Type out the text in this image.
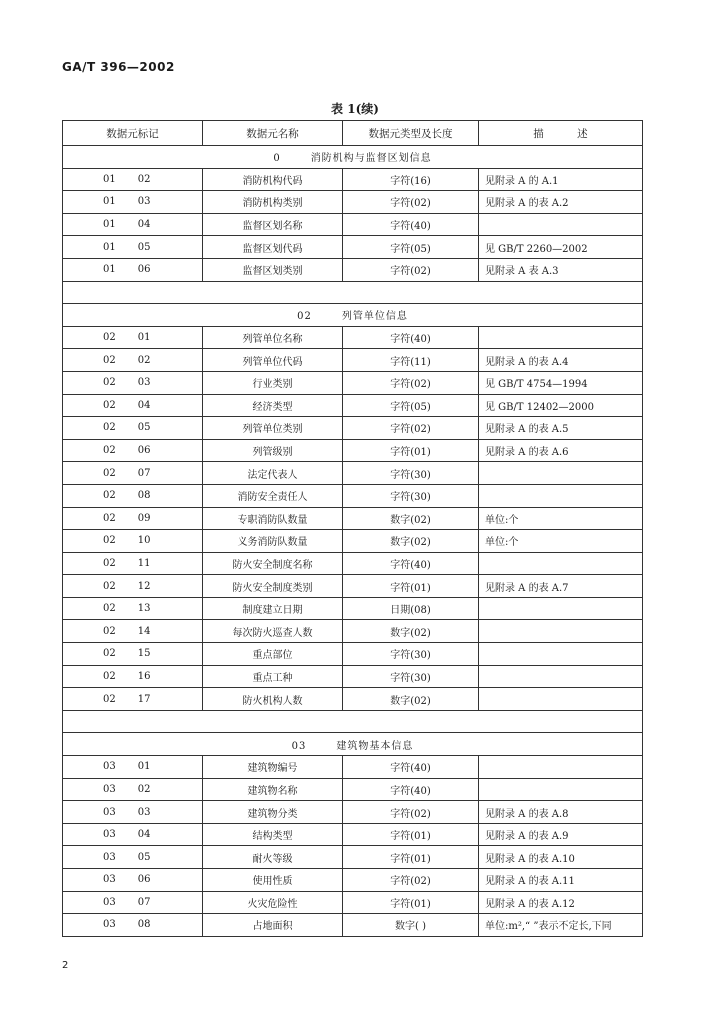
GA/T 396—2002
表 1(续)
数据元标记	数据元名称	数据元类型及长度	描          述
0 消防机构与监督区划信息			
01 02	消防机构代码	字符(16)	见附录 A 的 A.1
01 03	消防机构类别	字符(02)	见附录 A 的表 A.2
01 04	监督区划名称	字符(40)	
01 05	监督区划代码	字符(05)	见 GB/T 2260—2002
01 06	监督区划类别	字符(02)	见附录 A 表 A.3

02 列管单位信息			
02 01	列管单位名称	字符(40)	
02 02	列管单位代码	字符(11)	见附录 A 的表 A.4
02 03	行业类别	字符(02)	见 GB/T 4754—1994
02 04	经济类型	字符(05)	见 GB/T 12402—2000
02 05	列管单位类别	字符(02)	见附录 A 的表 A.5
02 06	列管级别	字符(01)	见附录 A 的表 A.6
02 07	法定代表人	字符(30)	
02 08	消防安全责任人	字符(30)	
02 09	专职消防队数量	数字(02)	单位:个
02 10	义务消防队数量	数字(02)	单位:个
02 11	防火安全制度名称	字符(40)	
02 12	防火安全制度类别	字符(01)	见附录 A 的表 A.7
02 13	制度建立日期	日期(08)	
02 14	每次防火巡查人数	数字(02)	
02 15	重点部位	字符(30)	
02 16	重点工种	字符(30)	
02 17	防火机构人数	数字(02)	

03 建筑物基本信息			
03 01	建筑物编号	字符(40)	
03 02	建筑物名称	字符(40)	
03 03	建筑物分类	字符(02)	见附录 A 的表 A.8
03 04	结构类型	字符(01)	见附录 A 的表 A.9
03 05	耐火等级	字符(01)	见附录 A 的表 A.10
03 06	使用性质	字符(02)	见附录 A 的表 A.11
03 07	火灾危险性	字符(01)	见附录 A 的表 A.12
03 08	占地面积	数字( )	单位:m²,“ ”表示不定长,下同
2
